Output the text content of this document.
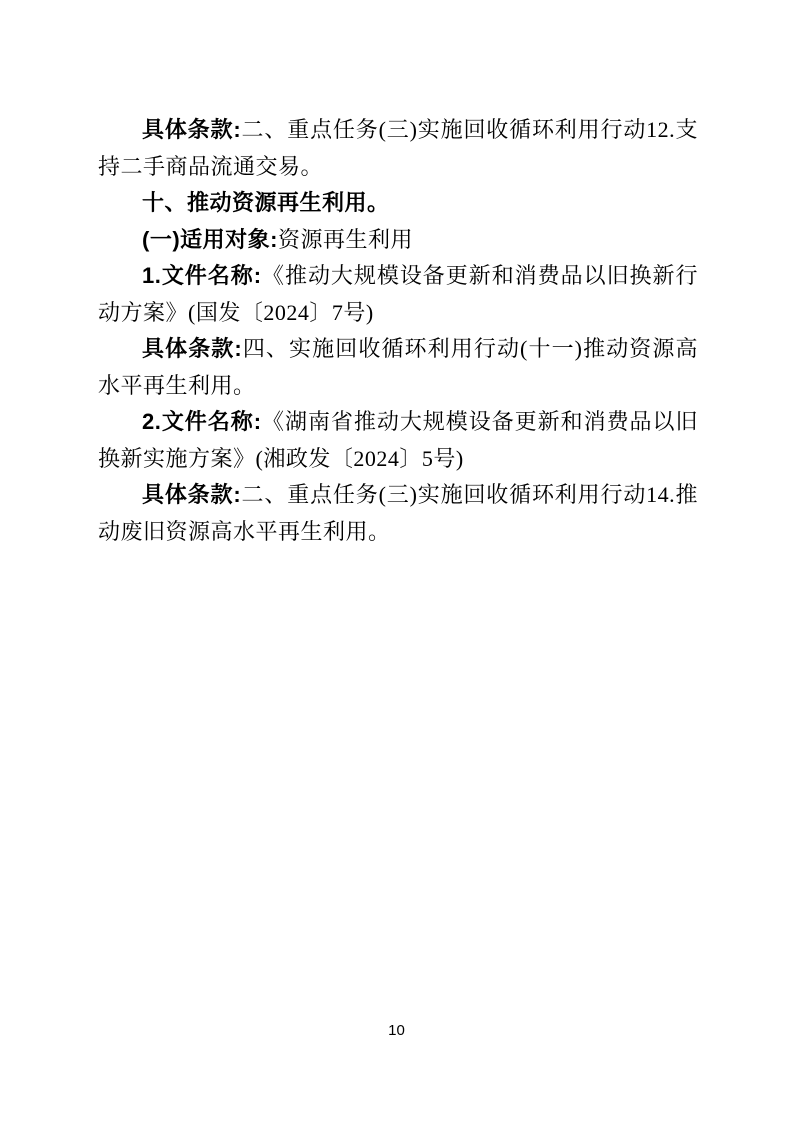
具体条款:二、重点任务(三)实施回收循环利用行动12.支持二手商品流通交易。

十、推动资源再生利用。

(一)适用对象:资源再生利用

1.文件名称:《推动大规模设备更新和消费品以旧换新行动方案》(国发〔2024〕7号)

具体条款:四、实施回收循环利用行动(十一)推动资源高水平再生利用。

2.文件名称:《湖南省推动大规模设备更新和消费品以旧换新实施方案》(湘政发〔2024〕5号)

具体条款:二、重点任务(三)实施回收循环利用行动14.推动废旧资源高水平再生利用。

10
